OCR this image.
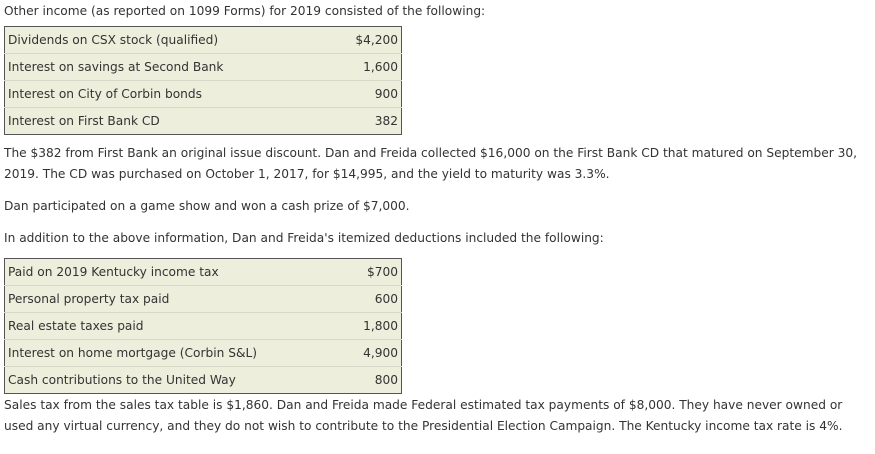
Other income (as reported on 1099 Forms) for 2019 consisted of the following:

Dividends on CSX stock (qualified)	$4,200
Interest on savings at Second Bank	1,600
Interest on City of Corbin bonds	900
Interest on First Bank CD	382

The $382 from First Bank an original issue discount. Dan and Freida collected $16,000 on the First Bank CD that matured on September 30,
2019. The CD was purchased on October 1, 2017, for $14,995, and the yield to maturity was 3.3%.

Dan participated on a game show and won a cash prize of $7,000.

In addition to the above information, Dan and Freida's itemized deductions included the following:

Paid on 2019 Kentucky income tax	$700
Personal property tax paid	600
Real estate taxes paid	1,800
Interest on home mortgage (Corbin S&L)	4,900
Cash contributions to the United Way	800

Sales tax from the sales tax table is $1,860. Dan and Freida made Federal estimated tax payments of $8,000. They have never owned or
used any virtual currency, and they do not wish to contribute to the Presidential Election Campaign. The Kentucky income tax rate is 4%.
